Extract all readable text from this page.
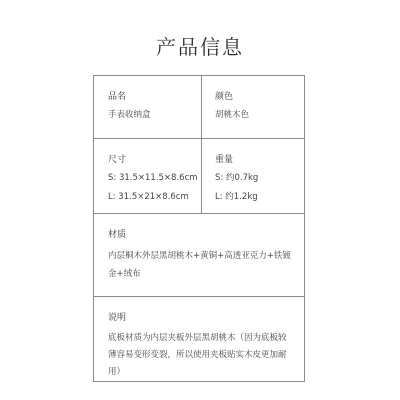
产品信息
品名
手表收纳盒
颜色
胡桃木色
尺寸
S: 31.5×11.5×8.6cm
L: 31.5×21×8.6cm
重量
S: 约0.7kg
L: 约1.2kg
材质
内层桐木外层黑胡桃木+黄铜+高透亚克力+铁镀金+绒布
说明
底板材质为内层夹板外层黑胡桃木（因为底板较薄容易变形变裂，所以使用夹板贴实木皮更加耐用）
